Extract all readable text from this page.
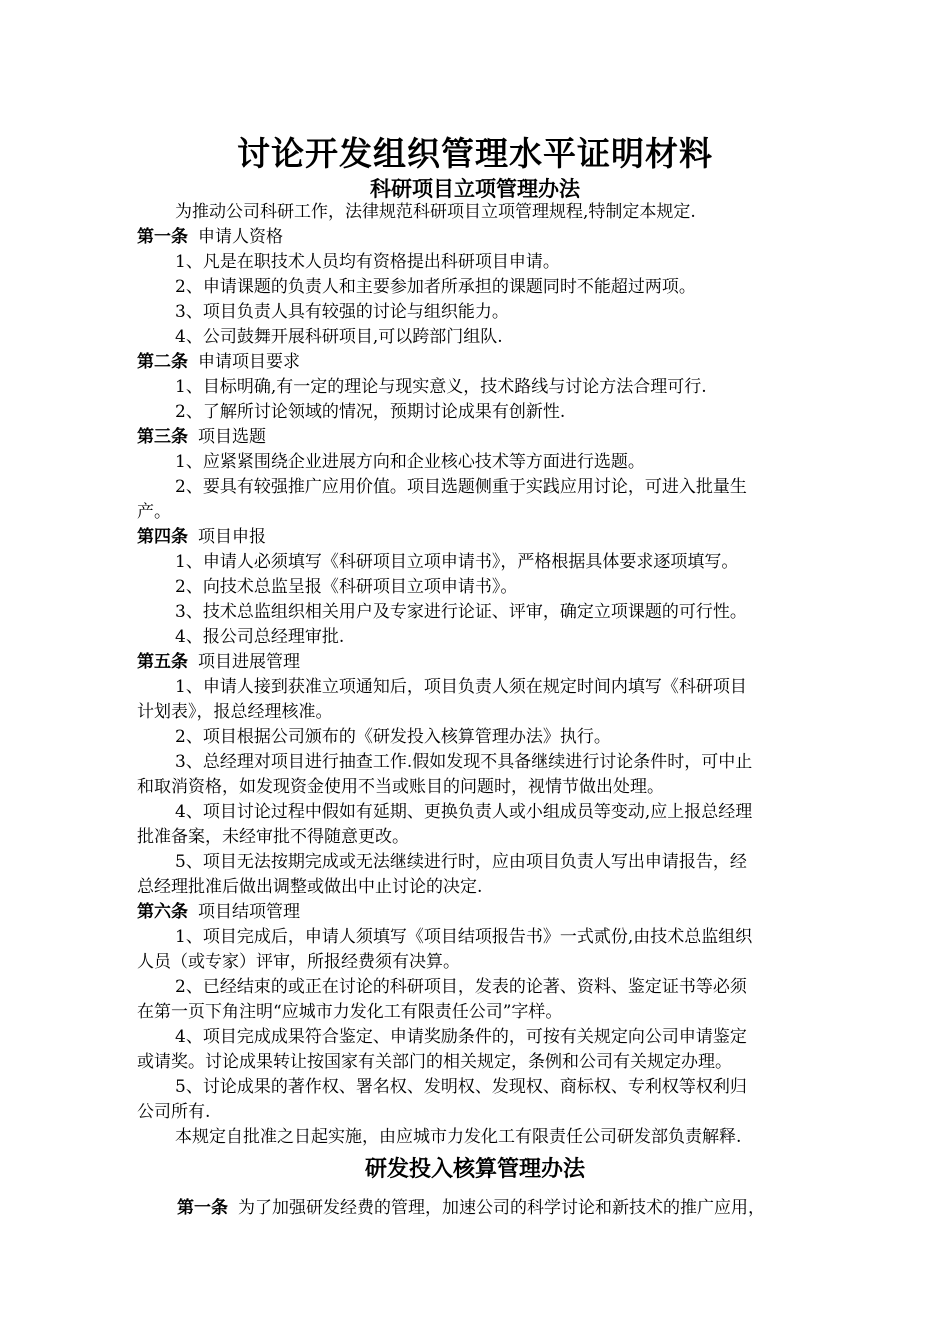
讨论开发组织管理水平证明材料
科研项目立项管理办法
为推动公司科研工作，法律规范科研项目立项管理规程,特制定本规定.
第一条 申请人资格
1、凡是在职技术人员均有资格提出科研项目申请。
2、申请课题的负责人和主要参加者所承担的课题同时不能超过两项。
3、项目负责人具有较强的讨论与组织能力。
4、公司鼓舞开展科研项目,可以跨部门组队.
第二条 申请项目要求
1、目标明确,有一定的理论与现实意义，技术路线与讨论方法合理可行.
2、了解所讨论领域的情况，预期讨论成果有创新性.
第三条 项目选题
1、应紧紧围绕企业进展方向和企业核心技术等方面进行选题。
2、要具有较强推广应用价值。项目选题侧重于实践应用讨论，可进入批量生
产。
第四条 项目申报
1、申请人必须填写《科研项目立项申请书》，严格根据具体要求逐项填写。
2、向技术总监呈报《科研项目立项申请书》。
3、技术总监组织相关用户及专家进行论证、评审，确定立项课题的可行性。
4、报公司总经理审批.
第五条 项目进展管理
1、申请人接到获准立项通知后，项目负责人须在规定时间内填写《科研项目
计划表》，报总经理核准。
2、项目根据公司颁布的《研发投入核算管理办法》执行。
3、总经理对项目进行抽查工作.假如发现不具备继续进行讨论条件时，可中止
和取消资格，如发现资金使用不当或账目的问题时，视情节做出处理。
4、项目讨论过程中假如有延期、更换负责人或小组成员等变动,应上报总经理
批准备案，未经审批不得随意更改。
5、项目无法按期完成或无法继续进行时，应由项目负责人写出申请报告，经
总经理批准后做出调整或做出中止讨论的决定.
第六条 项目结项管理
1、项目完成后，申请人须填写《项目结项报告书》一式贰份,由技术总监组织
人员（或专家）评审，所报经费须有决算。
2、已经结束的或正在讨论的科研项目，发表的论著、资料、鉴定证书等必须
在第一页下角注明“应城市力发化工有限责任公司”字样。
4、项目完成成果符合鉴定、申请奖励条件的，可按有关规定向公司申请鉴定
或请奖。讨论成果转让按国家有关部门的相关规定，条例和公司有关规定办理。
5、讨论成果的著作权、署名权、发明权、发现权、商标权、专利权等权利归
公司所有.
本规定自批准之日起实施，由应城市力发化工有限责任公司研发部负责解释.
研发投入核算管理办法
第一条 为了加强研发经费的管理，加速公司的科学讨论和新技术的推广应用，
